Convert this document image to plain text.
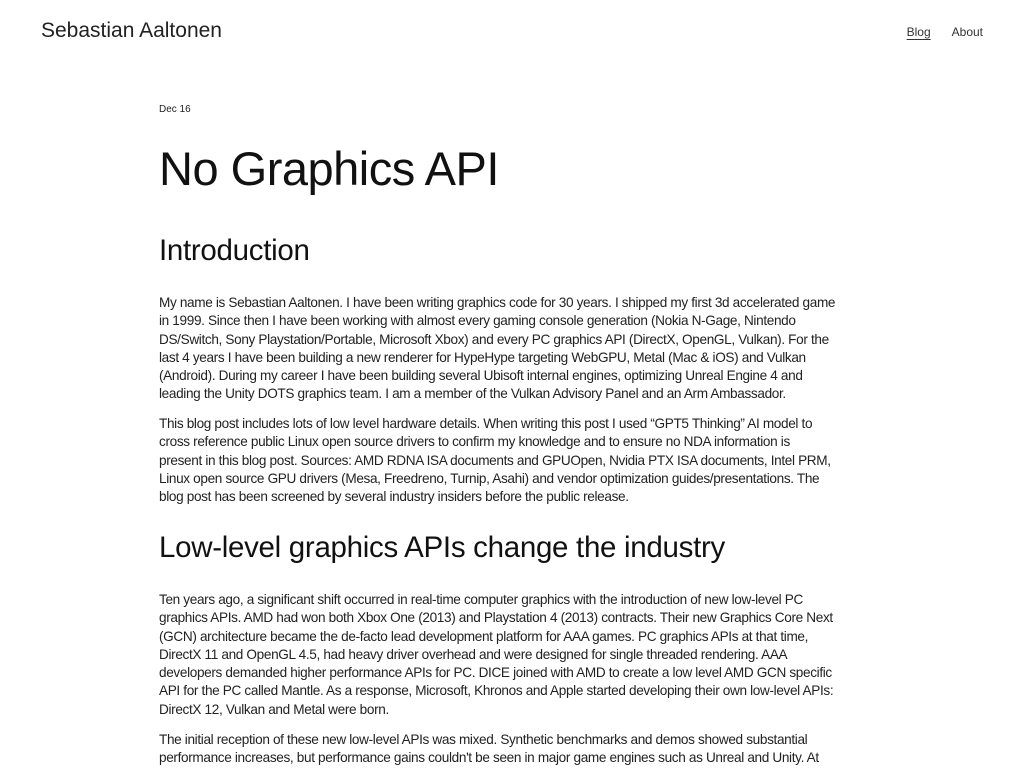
Sebastian Aaltonen	Blog About
Dec 16
No Graphics API
Introduction
My name is Sebastian Aaltonen. I have been writing graphics code for 30 years. I shipped my first 3d accelerated game
in 1999. Since then I have been working with almost every gaming console generation (Nokia N-Gage, Nintendo
DS/Switch, Sony Playstation/Portable, Microsoft Xbox) and every PC graphics API (DirectX, OpenGL, Vulkan). For the
last 4 years I have been building a new renderer for HypeHype targeting WebGPU, Metal (Mac & iOS) and Vulkan
(Android). During my career I have been building several Ubisoft internal engines, optimizing Unreal Engine 4 and
leading the Unity DOTS graphics team. I am a member of the Vulkan Advisory Panel and an Arm Ambassador.
This blog post includes lots of low level hardware details. When writing this post I used “GPT5 Thinking” AI model to
cross reference public Linux open source drivers to confirm my knowledge and to ensure no NDA information is
present in this blog post. Sources: AMD RDNA ISA documents and GPUOpen, Nvidia PTX ISA documents, Intel PRM,
Linux open source GPU drivers (Mesa, Freedreno, Turnip, Asahi) and vendor optimization guides/presentations. The
blog post has been screened by several industry insiders before the public release.
Low-level graphics APIs change the industry
Ten years ago, a significant shift occurred in real-time computer graphics with the introduction of new low-level PC
graphics APIs. AMD had won both Xbox One (2013) and Playstation 4 (2013) contracts. Their new Graphics Core Next
(GCN) architecture became the de-facto lead development platform for AAA games. PC graphics APIs at that time,
DirectX 11 and OpenGL 4.5, had heavy driver overhead and were designed for single threaded rendering. AAA
developers demanded higher performance APIs for PC. DICE joined with AMD to create a low level AMD GCN specific
API for the PC called Mantle. As a response, Microsoft, Khronos and Apple started developing their own low-level APIs:
DirectX 12, Vulkan and Metal were born.
The initial reception of these new low-level APIs was mixed. Synthetic benchmarks and demos showed substantial
performance increases, but performance gains couldn't be seen in major game engines such as Unreal and Unity. At
